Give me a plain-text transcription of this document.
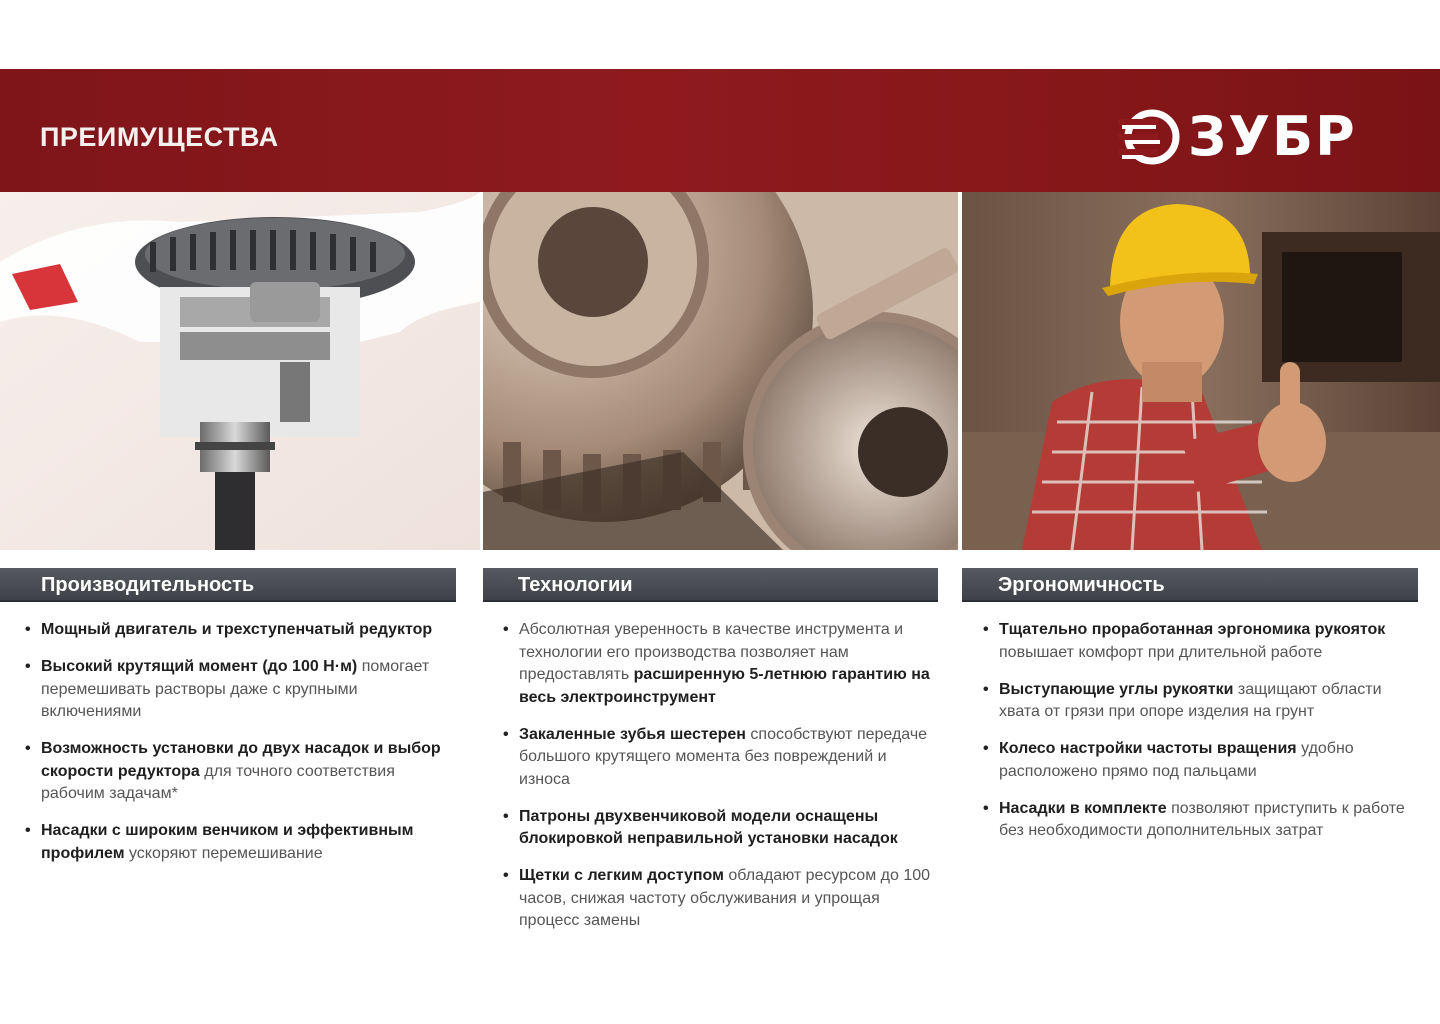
ПРЕИМУЩЕСТВА	ЗУБР
Производительность	Технологии	Эргономичность
• Мощный двигатель и трехступенчатый редуктор
• Высокий крутящий момент (до 100 Н·м) помогает перемешивать растворы даже с крупными включениями
• Возможность установки до двух насадок и выбор скорости редуктора для точного соответствия рабочим задачам*
• Насадки с широким венчиком и эффективным профилем ускоряют перемешивание
• Абсолютная уверенность в качестве инструмента и технологии его производства позволяет нам предоставлять расширенную 5-летнюю гарантию на весь электроинструмент
• Закаленные зубья шестерен способствуют передаче большого крутящего момента без повреждений и износа
• Патроны двухвенчиковой модели оснащены блокировкой неправильной установки насадок
• Щетки с легким доступом обладают ресурсом до 100 часов, снижая частоту обслуживания и упрощая процесс замены
• Тщательно проработанная эргономика рукояток повышает комфорт при длительной работе
• Выступающие углы рукоятки защищают области хвата от грязи при опоре изделия на грунт
• Колесо настройки частоты вращения удобно расположено прямо под пальцами
• Насадки в комплекте позволяют приступить к работе без необходимости дополнительных затрат
